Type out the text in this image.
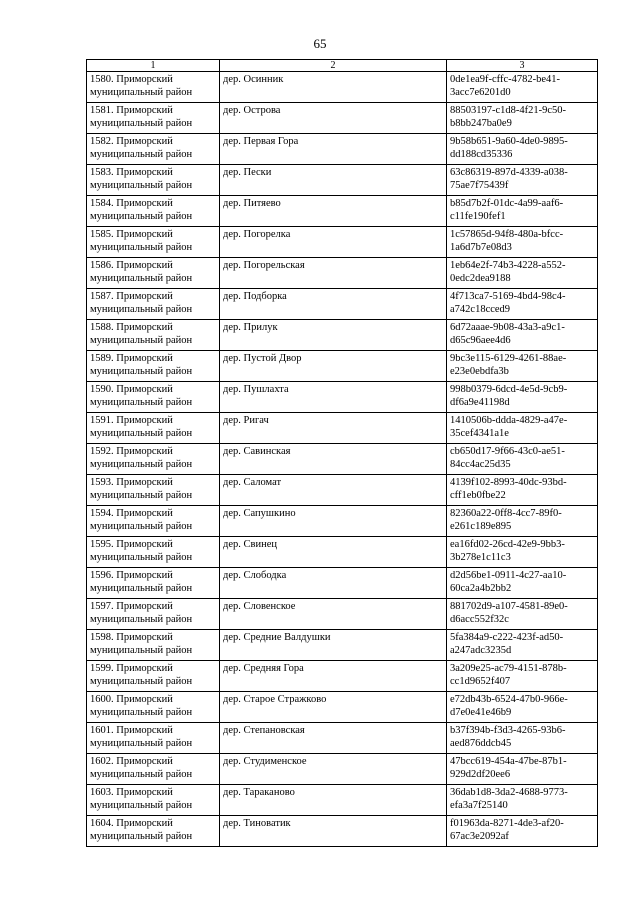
65
1	2	3
1580. Приморский муниципальный район	дер. Осинник	0de1ea9f-cffc-4782-be41-3acc7e6201d0
1581. Приморский муниципальный район	дер. Острова	88503197-c1d8-4f21-9c50-b8bb247ba0e9
1582. Приморский муниципальный район	дер. Первая Гора	9b58b651-9a60-4de0-9895-dd188cd35336
1583. Приморский муниципальный район	дер. Пески	63c86319-897d-4339-a038-75ae7f75439f
1584. Приморский муниципальный район	дер. Питяево	b85d7b2f-01dc-4a99-aaf6-c11fe190fef1
1585. Приморский муниципальный район	дер. Погорелка	1c57865d-94f8-480a-bfcc-1a6d7b7e08d3
1586. Приморский муниципальный район	дер. Погорельская	1eb64e2f-74b3-4228-a552-0edc2dea9188
1587. Приморский муниципальный район	дер. Подборка	4f713ca7-5169-4bd4-98c4-a742c18cced9
1588. Приморский муниципальный район	дер. Прилук	6d72aaae-9b08-43a3-a9c1-d65c96aee4d6
1589. Приморский муниципальный район	дер. Пустой Двор	9bc3e115-6129-4261-88ae-e23e0ebdfa3b
1590. Приморский муниципальный район	дер. Пушлахта	998b0379-6dcd-4e5d-9cb9-df6a9e41198d
1591. Приморский муниципальный район	дер. Ригач	1410506b-ddda-4829-a47e-35cef4341a1e
1592. Приморский муниципальный район	дер. Савинская	cb650d17-9f66-43c0-ae51-84cc4ac25d35
1593. Приморский муниципальный район	дер. Саломат	4139f102-8993-40dc-93bd-cff1eb0fbe22
1594. Приморский муниципальный район	дер. Сапушкино	82360a22-0ff8-4cc7-89f0-e261c189e895
1595. Приморский муниципальный район	дер. Свинец	ea16fd02-26cd-42e9-9bb3-3b278e1c11c3
1596. Приморский муниципальный район	дер. Слободка	d2d56be1-0911-4c27-aa10-60ca2a4b2bb2
1597. Приморский муниципальный район	дер. Словенское	881702d9-a107-4581-89e0-d6acc552f32c
1598. Приморский муниципальный район	дер. Средние Валдушки	5fa384a9-c222-423f-ad50-a247adc3235d
1599. Приморский муниципальный район	дер. Средняя Гора	3a209e25-ac79-4151-878b-cc1d9652f407
1600. Приморский муниципальный район	дер. Старое Стражково	e72db43b-6524-47b0-966e-d7e0e41e46b9
1601. Приморский муниципальный район	дер. Степановская	b37f394b-f3d3-4265-93b6-aed876ddcb45
1602. Приморский муниципальный район	дер. Студименское	47bcc619-454a-47be-87b1-929d2df20ee6
1603. Приморский муниципальный район	дер. Тараканово	36dab1d8-3da2-4688-9773-efa3a7f25140
1604. Приморский муниципальный район	дер. Тиноватик	f01963da-8271-4de3-af20-67ac3e2092af
